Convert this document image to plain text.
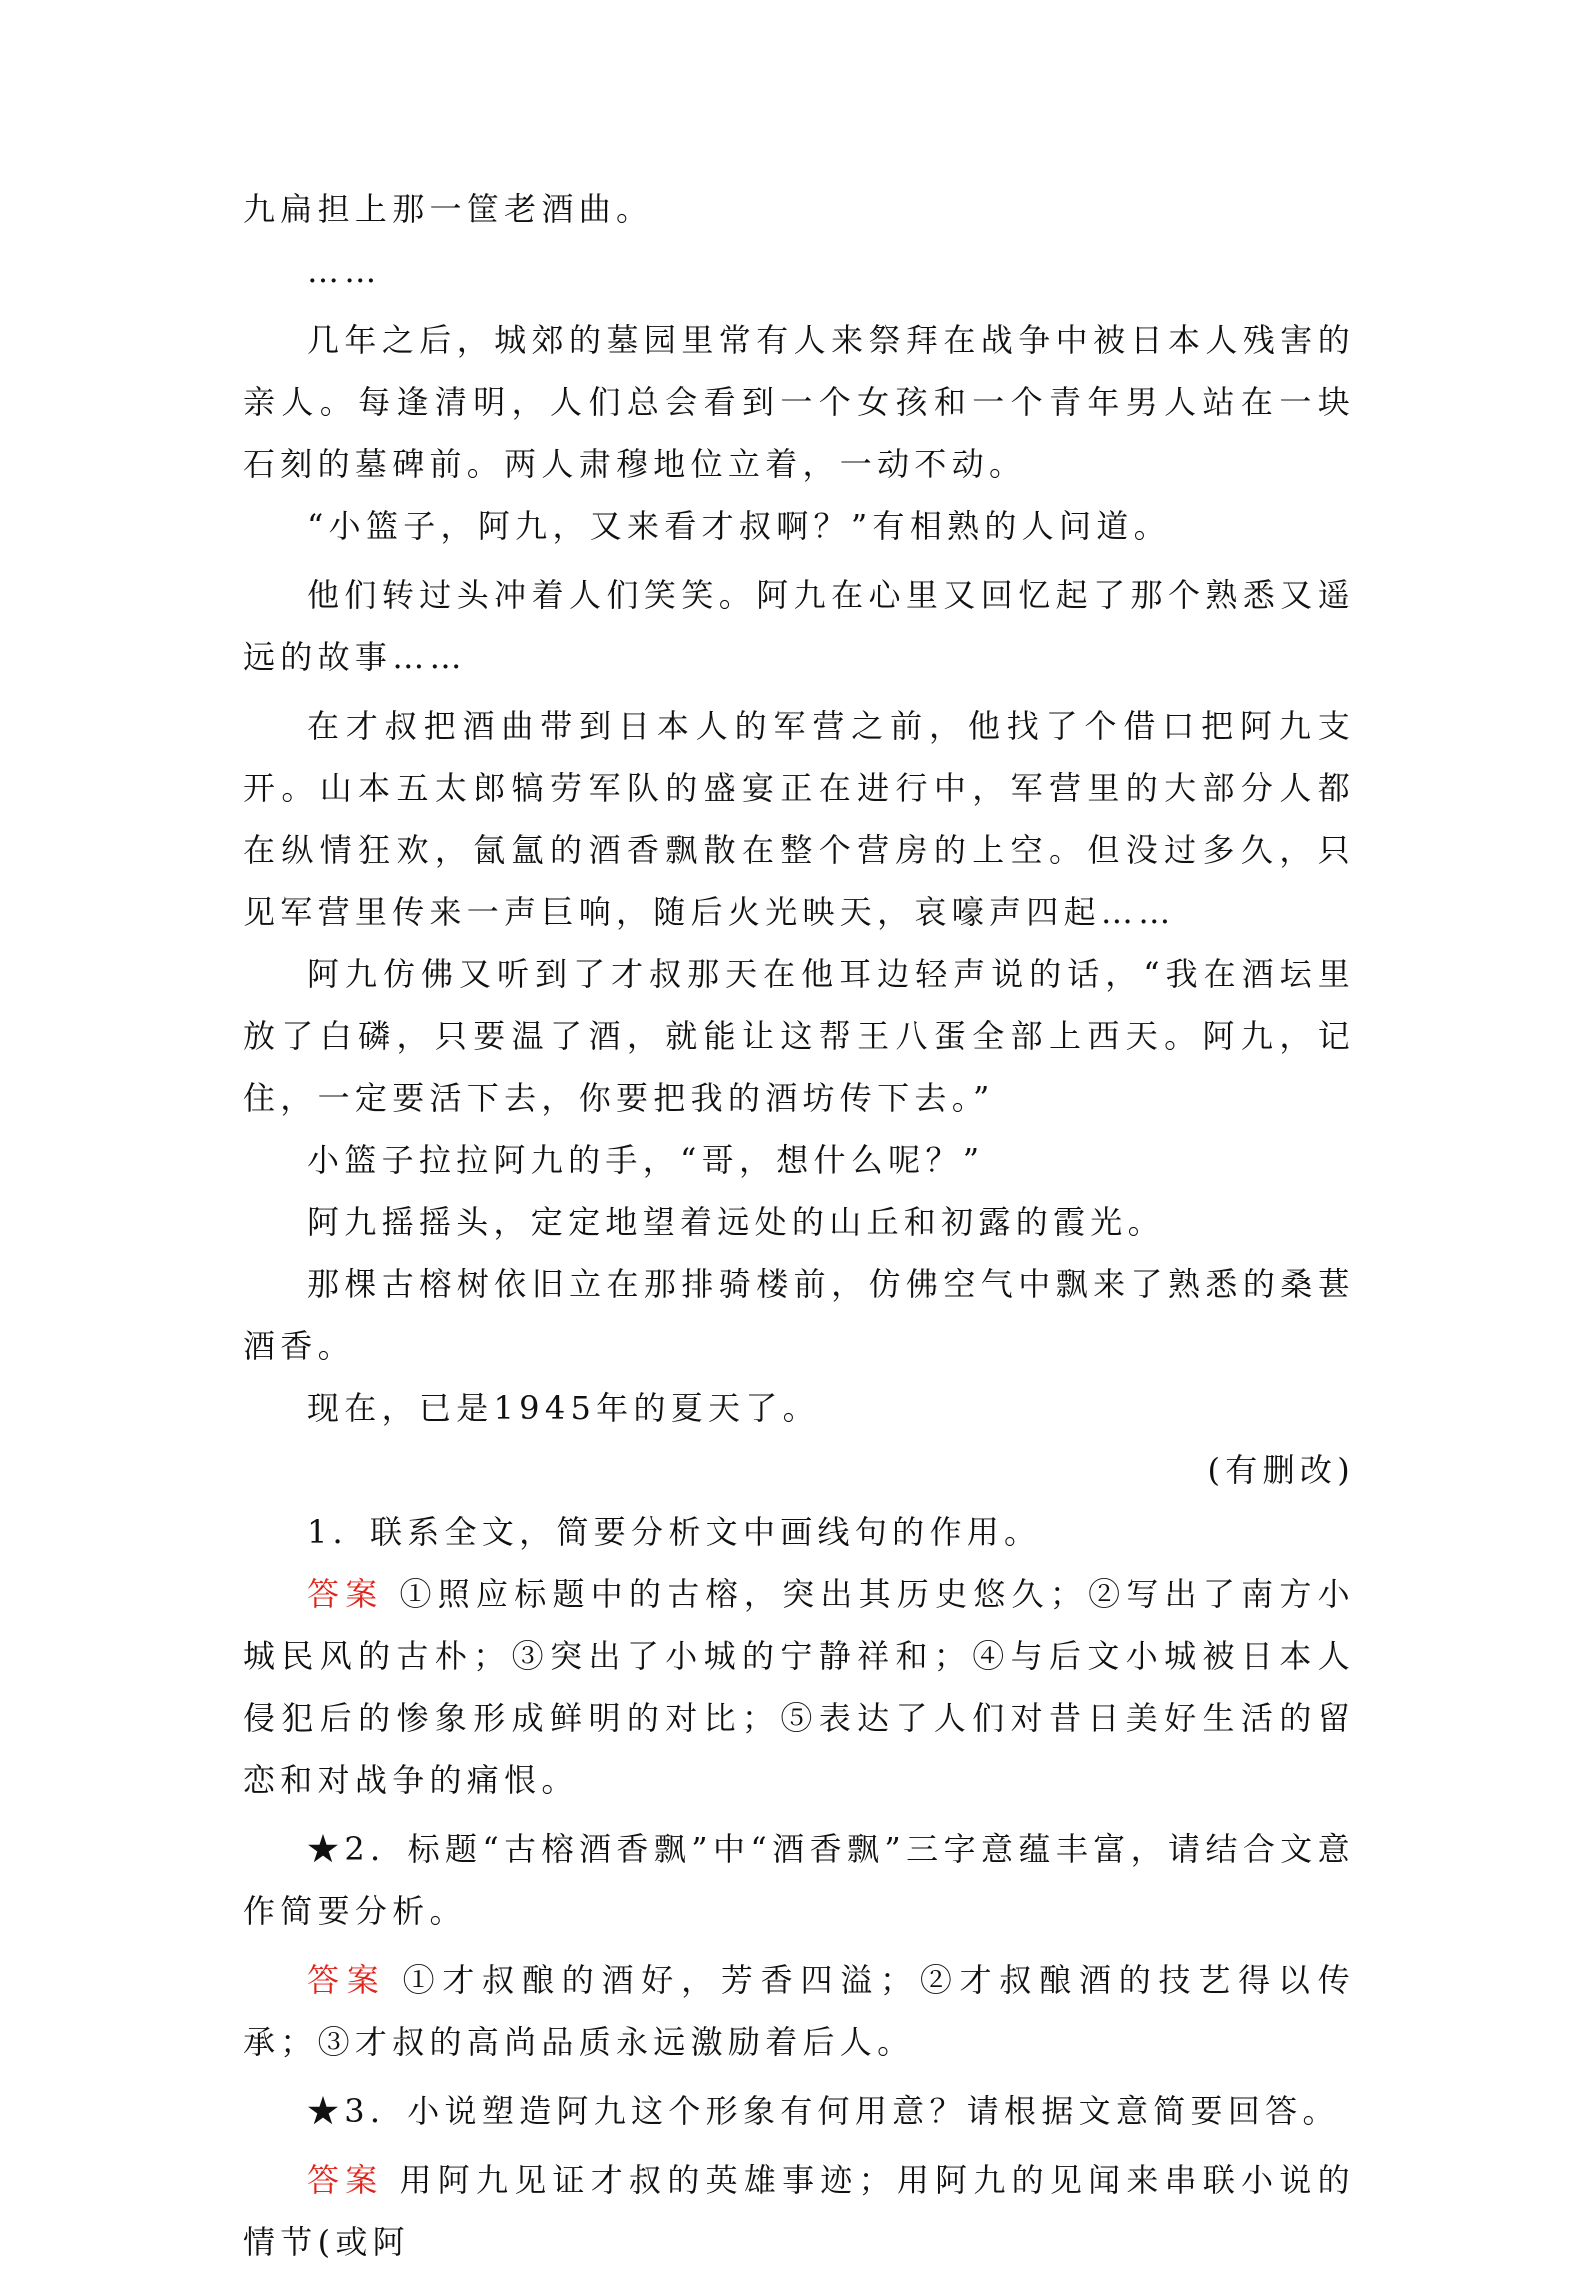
九扁担上那一筐老酒曲。

……

几年之后，城郊的墓园里常有人来祭拜在战争中被日本人残害的亲人。每逢清明，人们总会看到一个女孩和一个青年男人站在一块石刻的墓碑前。两人肃穆地位立着，一动不动。

“小篮子，阿九，又来看才叔啊？”有相熟的人问道。

他们转过头冲着人们笑笑。阿九在心里又回忆起了那个熟悉又遥远的故事……

在才叔把酒曲带到日本人的军营之前，他找了个借口把阿九支开。山本五太郎犒劳军队的盛宴正在进行中，军营里的大部分人都在纵情狂欢，氤氲的酒香飘散在整个营房的上空。但没过多久，只见军营里传来一声巨响，随后火光映天，哀嚎声四起……

阿九仿佛又听到了才叔那天在他耳边轻声说的话，“我在酒坛里放了白磷，只要温了酒，就能让这帮王八蛋全部上西天。阿九，记住，一定要活下去，你要把我的酒坊传下去。”

小篮子拉拉阿九的手，“哥，想什么呢？”

阿九摇摇头，定定地望着远处的山丘和初露的霞光。

那棵古榕树依旧立在那排骑楼前，仿佛空气中飘来了熟悉的桑葚酒香。

现在，已是1945年的夏天了。

(有删改)

1．联系全文，简要分析文中画线句的作用。

答案 ①照应标题中的古榕，突出其历史悠久；②写出了南方小城民风的古朴；③突出了小城的宁静祥和；④与后文小城被日本人侵犯后的惨象形成鲜明的对比；⑤表达了人们对昔日美好生活的留恋和对战争的痛恨。

★2．标题“古榕酒香飘”中“酒香飘”三字意蕴丰富，请结合文意作简要分析。

答案 ①才叔酿的酒好，芳香四溢；②才叔酿酒的技艺得以传承；③才叔的高尚品质永远激励着后人。

★3．小说塑造阿九这个形象有何用意？请根据文意简要回答。

答案 用阿九见证才叔的英雄事迹；用阿九的见闻来串联小说的情节(或阿
